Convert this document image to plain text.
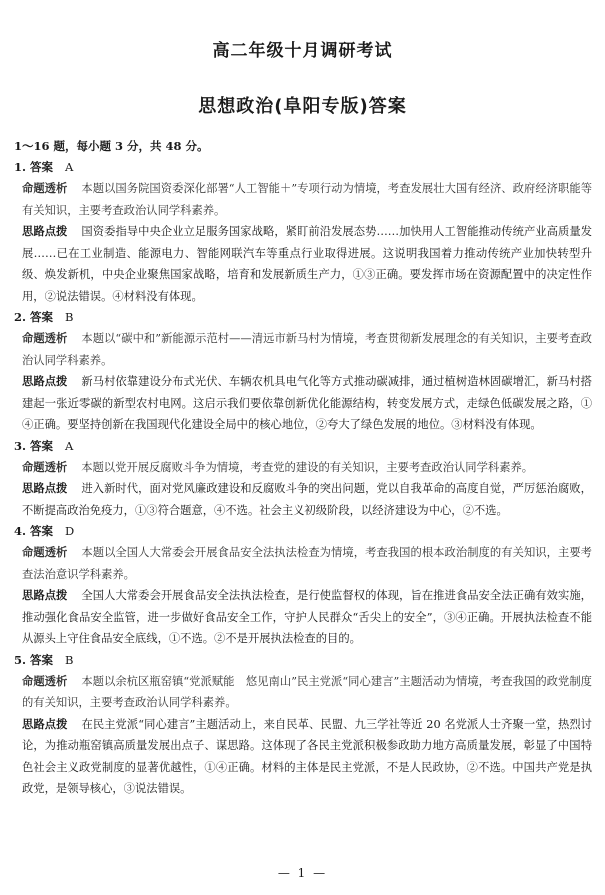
高二年级十月调研考试
思想政治(阜阳专版)答案

1～16 题，每小题 3 分，共 48 分。

1. 答案 A

命题透析 本题以国务院国资委深化部署“人工智能＋”专项行动为情境，考查发展壮大国有经济、政府经济职能等有关知识，主要考查政治认同学科素养。

思路点拨 国资委指导中央企业立足服务国家战略，紧盯前沿发展态势……加快用人工智能推动传统产业高质量发展……已在工业制造、能源电力、智能网联汽车等重点行业取得进展。这说明我国着力推动传统产业加快转型升级、焕发新机，中央企业聚焦国家战略，培育和发展新质生产力，①③正确。要发挥市场在资源配置中的决定性作用，②说法错误。④材料没有体现。

2. 答案 B

命题透析 本题以“碳中和”新能源示范村——清远市新马村为情境，考查贯彻新发展理念的有关知识，主要考查政治认同学科素养。

思路点拨 新马村依靠建设分布式光伏、车辆农机具电气化等方式推动碳减排，通过植树造林固碳增汇，新马村搭建起一张近零碳的新型农村电网。这启示我们要依靠创新优化能源结构，转变发展方式，走绿色低碳发展之路，①④正确。要坚持创新在我国现代化建设全局中的核心地位，②夸大了绿色发展的地位。③材料没有体现。

3. 答案 A

命题透析 本题以党开展反腐败斗争为情境，考查党的建设的有关知识，主要考查政治认同学科素养。

思路点拨 进入新时代，面对党风廉政建设和反腐败斗争的突出问题，党以自我革命的高度自觉，严厉惩治腐败，不断提高政治免疫力，①③符合题意，④不选。社会主义初级阶段，以经济建设为中心，②不选。

4. 答案 D

命题透析 本题以全国人大常委会开展食品安全法执法检查为情境，考查我国的根本政治制度的有关知识，主要考查法治意识学科素养。

思路点拨 全国人大常委会开展食品安全法执法检查，是行使监督权的体现，旨在推进食品安全法正确有效实施，推动强化食品安全监管，进一步做好食品安全工作，守护人民群众“舌尖上的安全”，③④正确。开展执法检查不能从源头上守住食品安全底线，①不选。②不是开展执法检查的目的。

5. 答案 B

命题透析 本题以余杭区瓶窑镇“党派赋能　悠见南山”民主党派“同心建言”主题活动为情境，考查我国的政党制度的有关知识，主要考查政治认同学科素养。

思路点拨 在民主党派“同心建言”主题活动上，来自民革、民盟、九三学社等近 20 名党派人士齐聚一堂，热烈讨论，为推动瓶窑镇高质量发展出点子、谋思路。这体现了各民主党派积极参政助力地方高质量发展，彰显了中国特色社会主义政党制度的显著优越性，①④正确。材料的主体是民主党派，不是人民政协，②不选。中国共产党是执政党，是领导核心，③说法错误。

— 1 —
